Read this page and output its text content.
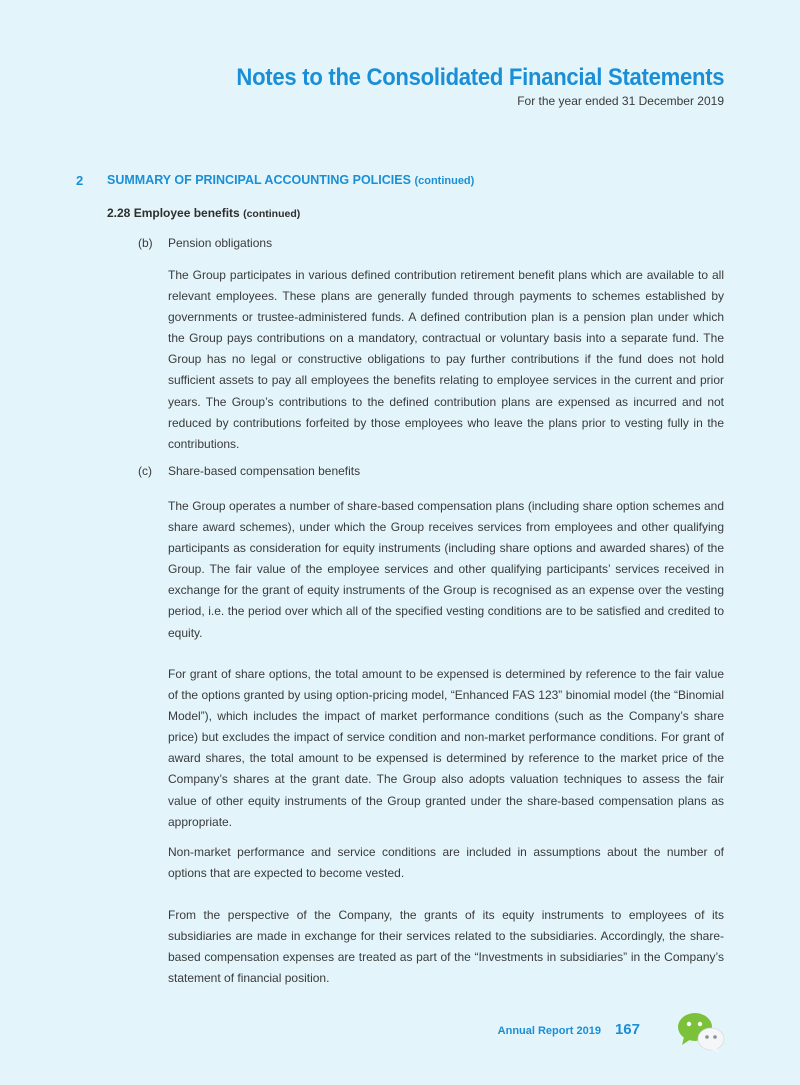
Notes to the Consolidated Financial Statements
For the year ended 31 December 2019
2	SUMMARY OF PRINCIPAL ACCOUNTING POLICIES (continued)
2.28 Employee benefits (continued)
(b) Pension obligations

The Group participates in various defined contribution retirement benefit plans which are available to all relevant employees. These plans are generally funded through payments to schemes established by governments or trustee-administered funds. A defined contribution plan is a pension plan under which the Group pays contributions on a mandatory, contractual or voluntary basis into a separate fund. The Group has no legal or constructive obligations to pay further contributions if the fund does not hold sufficient assets to pay all employees the benefits relating to employee services in the current and prior years. The Group’s contributions to the defined contribution plans are expensed as incurred and not reduced by contributions forfeited by those employees who leave the plans prior to vesting fully in the contributions.

(c) Share-based compensation benefits

The Group operates a number of share-based compensation plans (including share option schemes and share award schemes), under which the Group receives services from employees and other qualifying participants as consideration for equity instruments (including share options and awarded shares) of the Group. The fair value of the employee services and other qualifying participants’ services received in exchange for the grant of equity instruments of the Group is recognised as an expense over the vesting period, i.e. the period over which all of the specified vesting conditions are to be satisfied and credited to equity.

For grant of share options, the total amount to be expensed is determined by reference to the fair value of the options granted by using option-pricing model, “Enhanced FAS 123” binomial model (the “Binomial Model”), which includes the impact of market performance conditions (such as the Company’s share price) but excludes the impact of service condition and non-market performance conditions. For grant of award shares, the total amount to be expensed is determined by reference to the market price of the Company’s shares at the grant date. The Group also adopts valuation techniques to assess the fair value of other equity instruments of the Group granted under the share-based compensation plans as appropriate.

Non-market performance and service conditions are included in assumptions about the number of options that are expected to become vested.

From the perspective of the Company, the grants of its equity instruments to employees of its subsidiaries are made in exchange for their services related to the subsidiaries. Accordingly, the share-based compensation expenses are treated as part of the “Investments in subsidiaries” in the Company’s statement of financial position.

Annual Report 2019 167
